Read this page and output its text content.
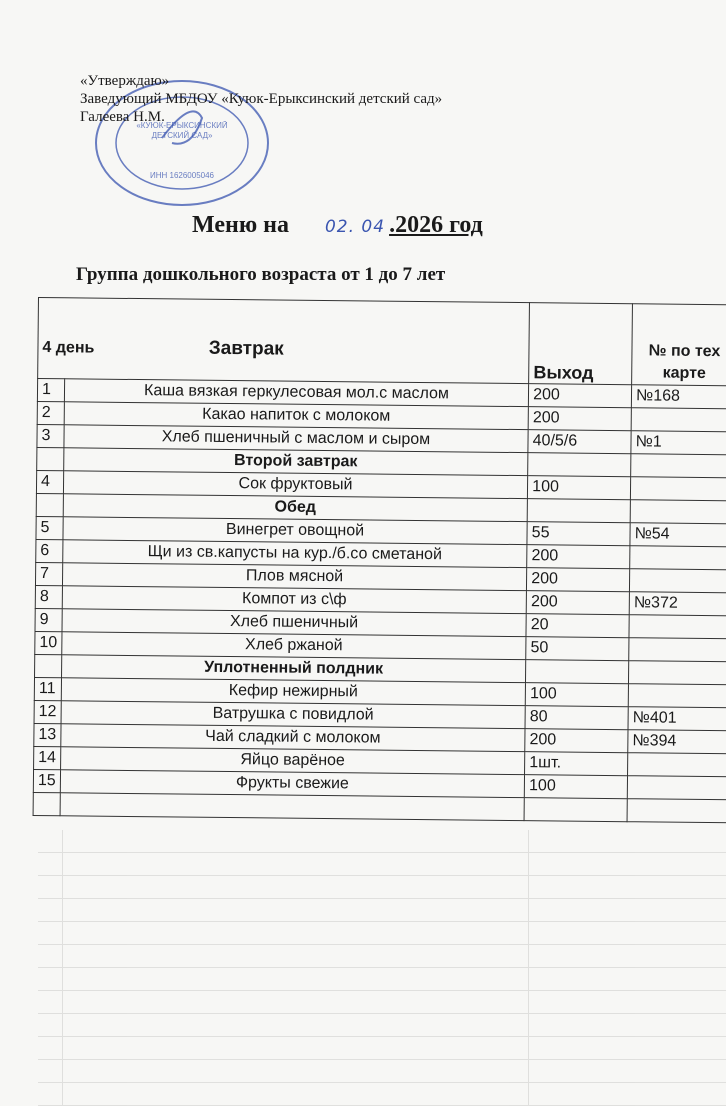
«КУЮК-ЕРЫКСИНСКИЙ
ДЕТСКИЙ САД»
ИНН 1626005046
«Утверждаю»
Заведующий МБДОУ «Куюк-Ерыксинский детский сад»
Галеева Н.М.
Меню на 02. 04 .2026 год
Группа дошкольного возраста от 1 до 7 лет
4 день Завтрак		Выход	№ по тех карте
1	Каша вязкая геркулесовая мол.с маслом	200	№168
2	Какао напиток с молоком	200	
3	Хлеб пшеничный с маслом и сыром	40/5/6	№1
	Второй завтрак		
4	Сок фруктовый	100	
	Обед		
5	Винегрет овощной	55	№54
6	Щи из св.капусты на кур./б.со сметаной	200	
7	Плов мясной	200	
8	Компот из с\ф	200	№372
9	Хлеб пшеничный	20	
10	Хлеб ржаной	50	
	Уплотненный полдник		
11	Кефир нежирный	100	
12	Ватрушка с повидлой	80	№401
13	Чай сладкий с молоком	200	№394
14	Яйцо варёное	1шт.	
15	Фрукты свежие	100	
